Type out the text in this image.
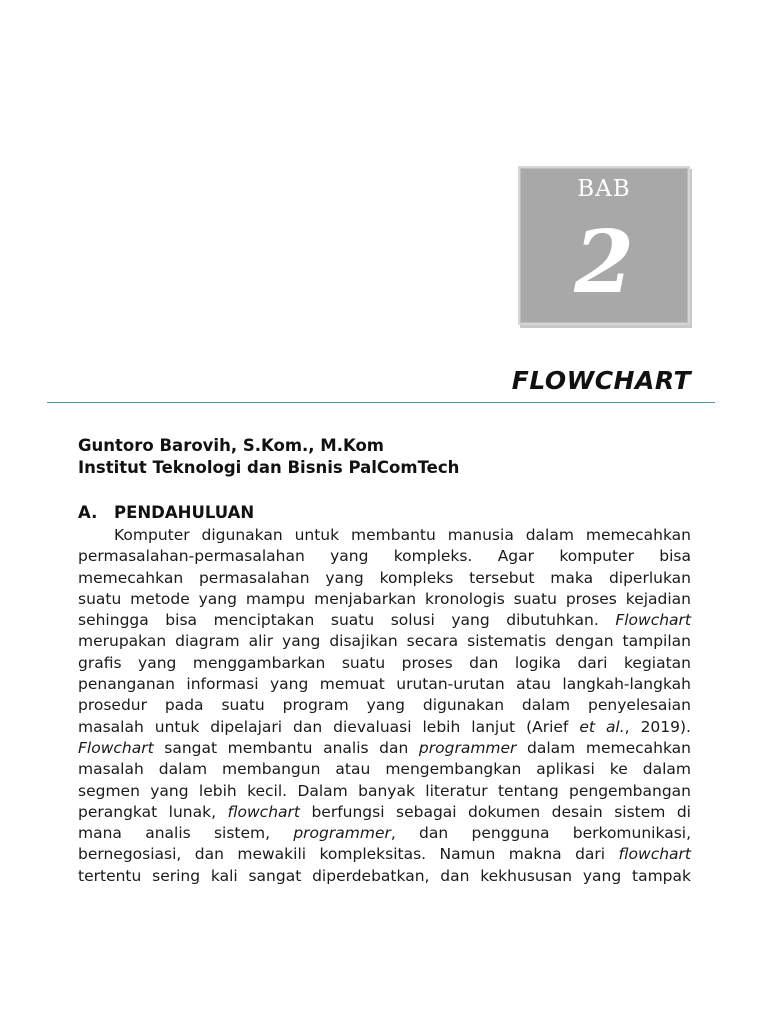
BAB
2
FLOWCHART
Guntoro Barovih, S.Kom., M.Kom
Institut Teknologi dan Bisnis PalComTech
A. PENDAHULUAN
Komputer digunakan untuk membantu manusia dalam memecahkan
permasalahan-permasalahan yang kompleks. Agar komputer bisa
memecahkan permasalahan yang kompleks tersebut maka diperlukan
suatu metode yang mampu menjabarkan kronologis suatu proses kejadian
sehingga bisa menciptakan suatu solusi yang dibutuhkan. Flowchart
merupakan diagram alir yang disajikan secara sistematis dengan tampilan
grafis yang menggambarkan suatu proses dan logika dari kegiatan
penanganan informasi yang memuat urutan-urutan atau langkah-langkah
prosedur pada suatu program yang digunakan dalam penyelesaian
masalah untuk dipelajari dan dievaluasi lebih lanjut (Arief et al., 2019).
Flowchart sangat membantu analis dan programmer dalam memecahkan
masalah dalam membangun atau mengembangkan aplikasi ke dalam
segmen yang lebih kecil. Dalam banyak literatur tentang pengembangan
perangkat lunak, flowchart berfungsi sebagai dokumen desain sistem di
mana analis sistem, programmer, dan pengguna berkomunikasi,
bernegosiasi, dan mewakili kompleksitas. Namun makna dari flowchart
tertentu sering kali sangat diperdebatkan, dan kekhususan yang tampak
